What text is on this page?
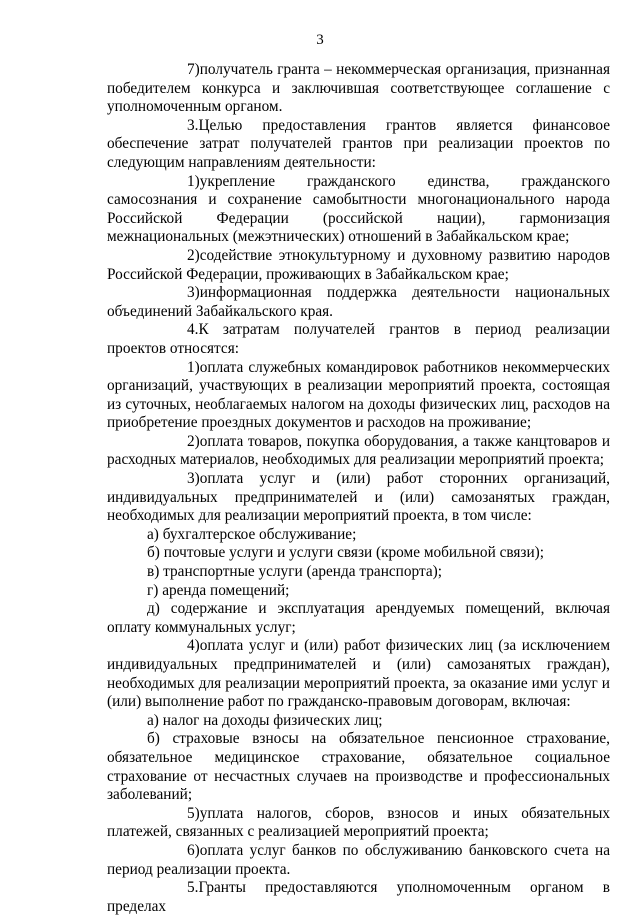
3

7)получатель гранта – некоммерческая организация, признанная победителем конкурса и заключившая соответствующее соглашение с уполномоченным органом.

3.Целью предоставления грантов является финансовое обеспечение затрат получателей грантов при реализации проектов по следующим направлениям деятельности:

1)укрепление гражданского единства, гражданского самосознания и сохранение самобытности многонационального народа Российской Федерации (российской нации), гармонизация межнациональных (межэтнических) отношений в Забайкальском крае;

2)содействие этнокультурному и духовному развитию народов Российской Федерации, проживающих в Забайкальском крае;

3)информационная поддержка деятельности национальных объединений Забайкальского края.

4.К затратам получателей грантов в период реализации проектов относятся:

1)оплата служебных командировок работников некоммерческих организаций, участвующих в реализации мероприятий проекта, состоящая из суточных, необлагаемых налогом на доходы физических лиц, расходов на приобретение проездных документов и расходов на проживание;

2)оплата товаров, покупка оборудования, а также канцтоваров и расходных материалов, необходимых для реализации мероприятий проекта;

3)оплата услуг и (или) работ сторонних организаций, индивидуальных предпринимателей и (или) самозанятых граждан, необходимых для реализации мероприятий проекта, в том числе:

а) бухгалтерское обслуживание;

б) почтовые услуги и услуги связи (кроме мобильной связи);

в) транспортные услуги (аренда транспорта);

г) аренда помещений;

д) содержание и эксплуатация арендуемых помещений, включая оплату коммунальных услуг;

4)оплата услуг и (или) работ физических лиц (за исключением индивидуальных предпринимателей и (или) самозанятых граждан), необходимых для реализации мероприятий проекта, за оказание ими услуг и (или) выполнение работ по гражданско-правовым договорам, включая:

а) налог на доходы физических лиц;

б) страховые взносы на обязательное пенсионное страхование, обязательное медицинское страхование, обязательное социальное страхование от несчастных случаев на производстве и профессиональных заболеваний;

5)уплата налогов, сборов, взносов и иных обязательных платежей, связанных с реализацией мероприятий проекта;

6)оплата услуг банков по обслуживанию банковского счета на период реализации проекта.

5.Гранты предоставляются уполномоченным органом в пределах
